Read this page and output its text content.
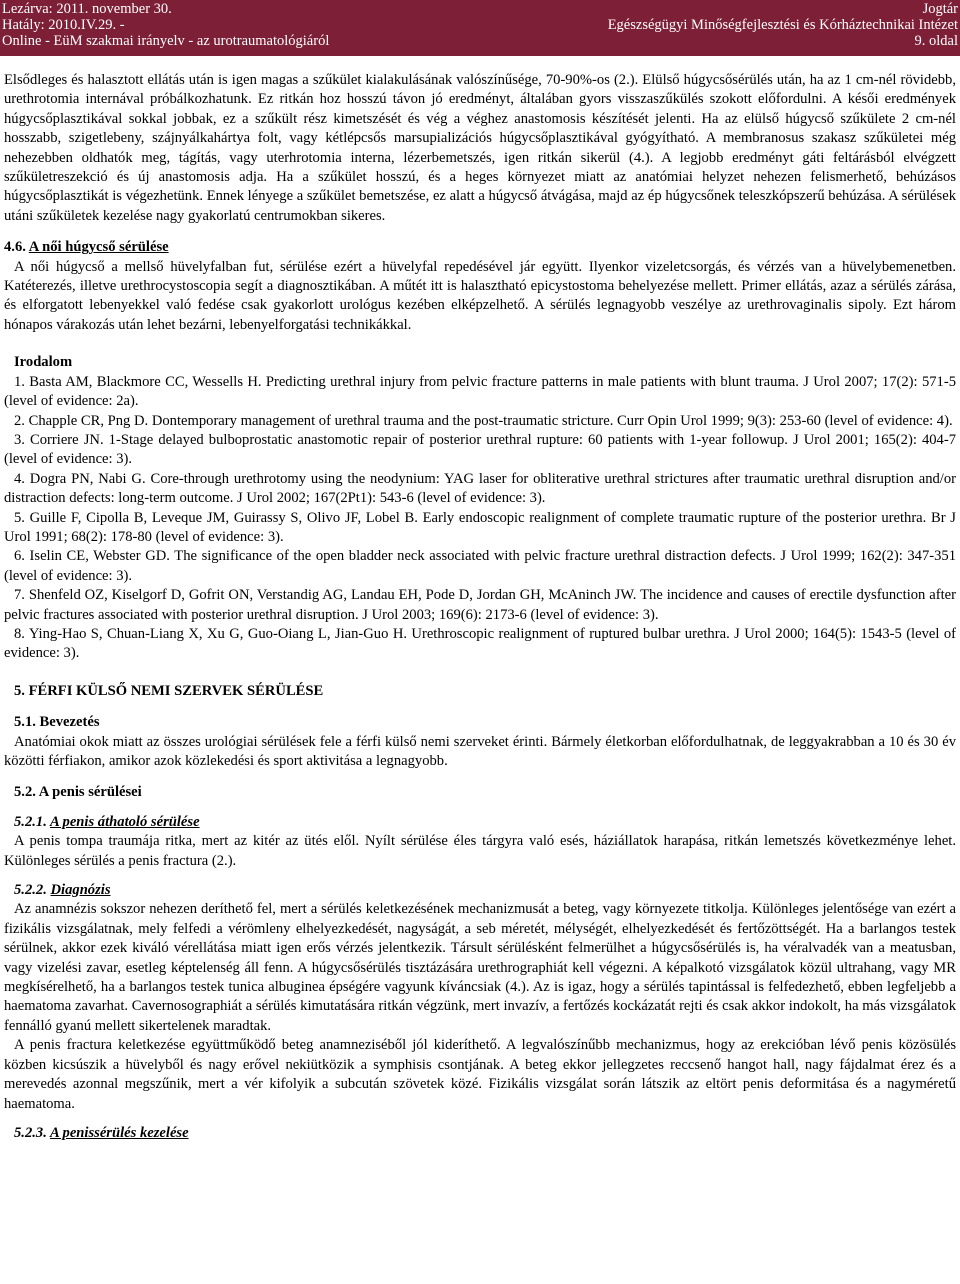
Lezárva: 2011. november 30.
Hatály: 2010.IV.29. -
Online - EüM szakmai irányelv - az urotraumatológiáról
Jogtár
Egészségügyi Minőségfejlesztési és Kórháztechnikai Intézet
9. oldal

Elsődleges és halasztott ellátás után is igen magas a szűkület kialakulásának valószínűsége, 70-90%-os (2.). Elülső húgycsősérülés után, ha az 1 cm-nél rövidebb, urethrotomia internával próbálkozhatunk. Ez ritkán hoz hosszú távon jó eredményt, általában gyors visszaszűkülés szokott előfordulni. A késői eredmények húgycsőplasztikával sokkal jobbak, ez a szűkült rész kimetszését és vég a véghez anastomosis készítését jelenti. Ha az elülső húgycső szűkülete 2 cm-nél hosszabb, szigetlebeny, szájnyálkahártya folt, vagy kétlépcsős marsupializációs húgycsőplasztikával gyógyítható. A membranosus szakasz szűkületei még nehezebben oldhatók meg, tágítás, vagy uterhrotomia interna, lézerbemetszés, igen ritkán sikerül (4.). A legjobb eredményt gáti feltárásból elvégzett szűkületreszekció és új anastomosis adja. Ha a szűkület hosszú, és a heges környezet miatt az anatómiai helyzet nehezen felismerhető, behúzásos húgycsőplasztikát is végezhetünk. Ennek lényege a szűkület bemetszése, ez alatt a húgycső átvágása, majd az ép húgycsőnek teleszkópszerű behúzása. A sérülések utáni szűkületek kezelése nagy gyakorlatú centrumokban sikeres.

4.6. A női húgycső sérülése

A női húgycső a mellső hüvelyfalban fut, sérülése ezért a hüvelyfal repedésével jár együtt. Ilyenkor vizeletcsorgás, és vérzés van a hüvelybemenetben. Katéterezés, illetve urethrocystoscopia segít a diagnosztikában. A műtét itt is halasztható epicystostoma behelyezése mellett. Primer ellátás, azaz a sérülés zárása, és elforgatott lebenyekkel való fedése csak gyakorlott urológus kezében elképzelhető. A sérülés legnagyobb veszélye az urethrovaginalis sipoly. Ezt három hónapos várakozás után lehet bezárni, lebenyelforgatási technikákkal.

Irodalom

1. Basta AM, Blackmore CC, Wessells H. Predicting urethral injury from pelvic fracture patterns in male patients with blunt trauma. J Urol 2007; 17(2): 571-5 (level of evidence: 2a).

2. Chapple CR, Png D. Dontemporary management of urethral trauma and the post-traumatic stricture. Curr Opin Urol 1999; 9(3): 253-60 (level of evidence: 4).

3. Corriere JN. 1-Stage delayed bulboprostatic anastomotic repair of posterior urethral rupture: 60 patients with 1-year followup. J Urol 2001; 165(2): 404-7 (level of evidence: 3).

4. Dogra PN, Nabi G. Core-through urethrotomy using the neodynium: YAG laser for obliterative urethral strictures after traumatic urethral disruption and/or distraction defects: long-term outcome. J Urol 2002; 167(2Pt1): 543-6 (level of evidence: 3).

5. Guille F, Cipolla B, Leveque JM, Guirassy S, Olivo JF, Lobel B. Early endoscopic realignment of complete traumatic rupture of the posterior urethra. Br J Urol 1991; 68(2): 178-80 (level of evidence: 3).

6. Iselin CE, Webster GD. The significance of the open bladder neck associated with pelvic fracture urethral distraction defects. J Urol 1999; 162(2): 347-351 (level of evidence: 3).

7. Shenfeld OZ, Kiselgorf D, Gofrit ON, Verstandig AG, Landau EH, Pode D, Jordan GH, McAninch JW. The incidence and causes of erectile dysfunction after pelvic fractures associated with posterior urethral disruption. J Urol 2003; 169(6): 2173-6 (level of evidence: 3).

8. Ying-Hao S, Chuan-Liang X, Xu G, Guo-Oiang L, Jian-Guo H. Urethroscopic realignment of ruptured bulbar urethra. J Urol 2000; 164(5): 1543-5 (level of evidence: 3).

5. FÉRFI KÜLSŐ NEMI SZERVEK SÉRÜLÉSE

5.1. Bevezetés

Anatómiai okok miatt az összes urológiai sérülések fele a férfi külső nemi szerveket érinti. Bármely életkorban előfordulhatnak, de leggyakrabban a 10 és 30 év közötti férfiakon, amikor azok közlekedési és sport aktivitása a legnagyobb.

5.2. A penis sérülései

5.2.1. A penis áthatoló sérülése

A penis tompa traumája ritka, mert az kitér az ütés elől. Nyílt sérülése éles tárgyra való esés, háziállatok harapása, ritkán lemetszés következménye lehet. Különleges sérülés a penis fractura (2.).

5.2.2. Diagnózis

Az anamnézis sokszor nehezen deríthető fel, mert a sérülés keletkezésének mechanizmusát a beteg, vagy környezete titkolja. Különleges jelentősége van ezért a fizikális vizsgálatnak, mely felfedi a vérömleny elhelyezkedését, nagyságát, a seb méretét, mélységét, elhelyezkedését és fertőzöttségét. Ha a barlangos testek sérülnek, akkor ezek kiváló vérellátása miatt igen erős vérzés jelentkezik. Társult sérülésként felmerülhet a húgycsősérülés is, ha véralvadék van a meatusban, vagy vizelési zavar, esetleg képtelenség áll fenn. A húgycsősérülés tisztázására urethrographiát kell végezni. A képalkotó vizsgálatok közül ultrahang, vagy MR megkísérelhető, ha a barlangos testek tunica albuginea épségére vagyunk kíváncsiak (4.). Az is igaz, hogy a sérülés tapintással is felfedezhető, ebben legfeljebb a haematoma zavarhat. Cavernosographiát a sérülés kimutatására ritkán végzünk, mert invazív, a fertőzés kockázatát rejti és csak akkor indokolt, ha más vizsgálatok fennálló gyanú mellett sikertelenek maradtak.

A penis fractura keletkezése együttműködő beteg anamneziséből jól kideríthető. A legvalószínűbb mechanizmus, hogy az erekcióban lévő penis közösülés közben kicsúszik a hüvelyből és nagy erővel nekiütközik a symphisis csontjának. A beteg ekkor jellegzetes reccsenő hangot hall, nagy fájdalmat érez és a merevedés azonnal megszűnik, mert a vér kifolyik a subcután szövetek közé. Fizikális vizsgálat során látszik az eltört penis deformitása és a nagyméretű haematoma.

5.2.3. A penissérülés kezelése
